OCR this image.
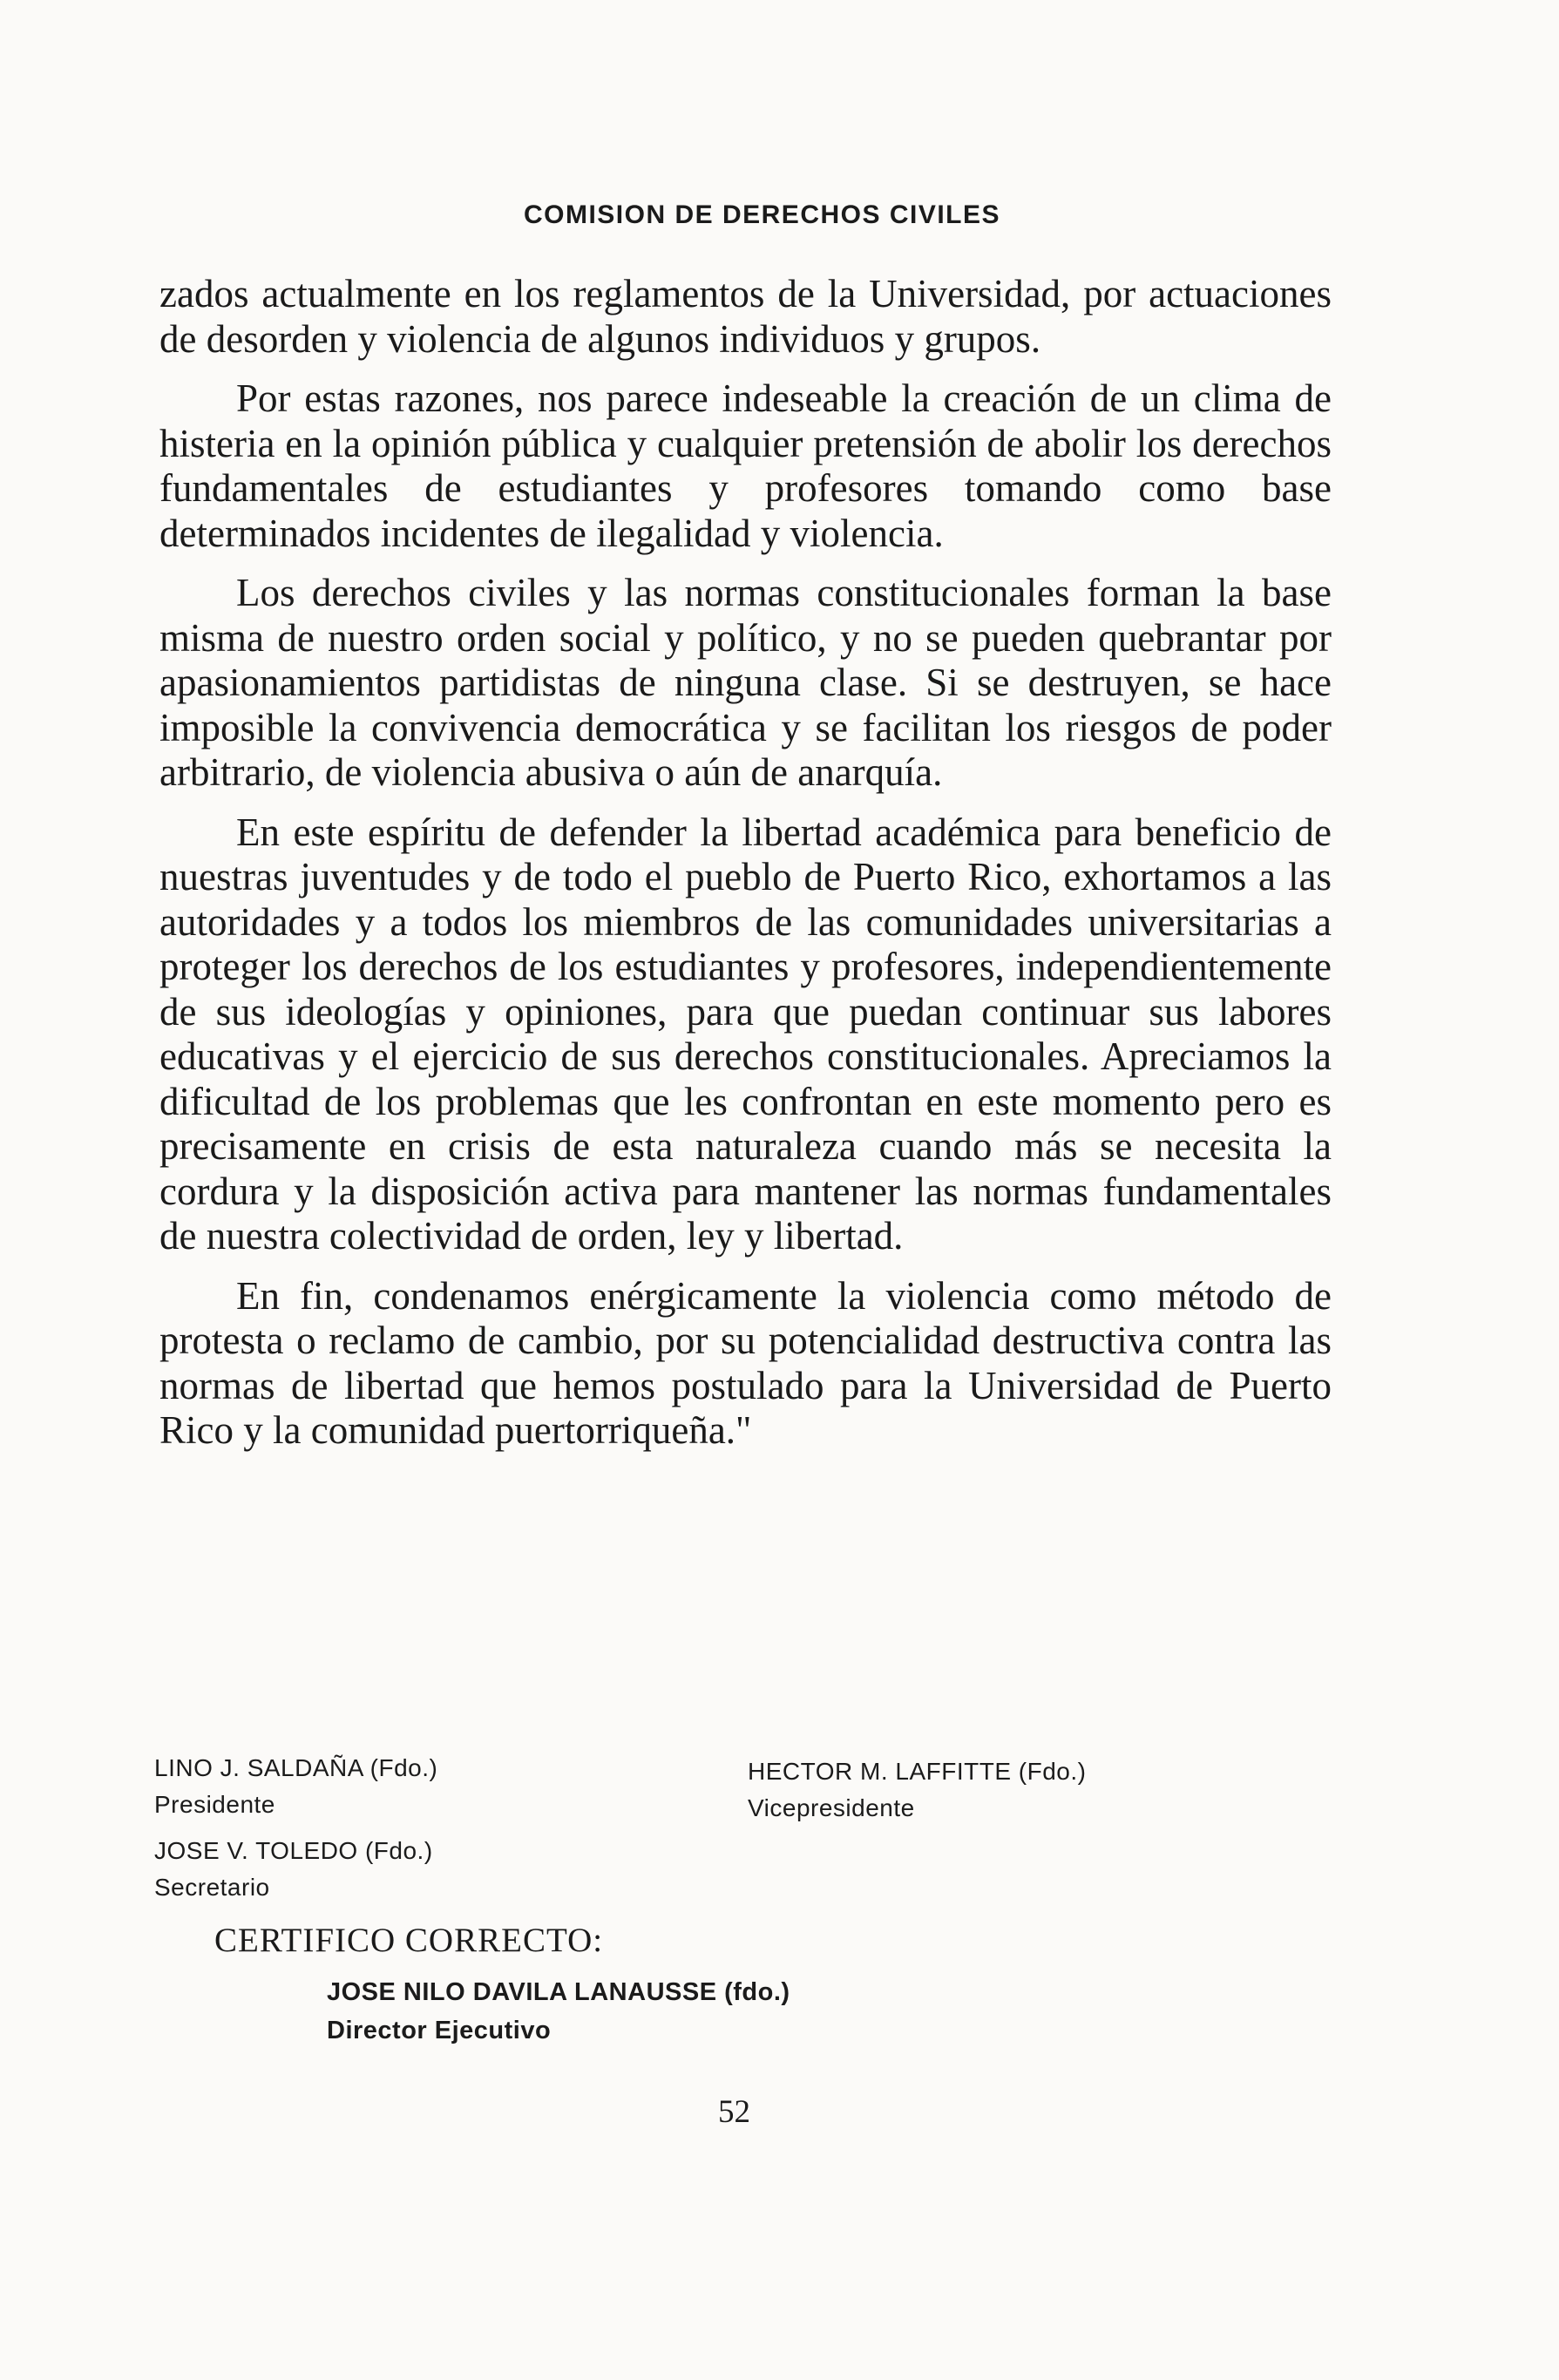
COMISION DE DERECHOS CIVILES

zados actualmente en los reglamentos de la Universidad, por actuaciones de desorden y violencia de algunos individuos y grupos.

Por estas razones, nos parece indeseable la creación de un clima de histeria en la opinión pública y cualquier pretensión de abolir los derechos fundamentales de estudiantes y profesores tomando como base determinados incidentes de ilegalidad y violencia.

Los derechos civiles y las normas constitucionales forman la base misma de nuestro orden social y político, y no se pueden quebrantar por apasionamientos partidistas de ninguna clase. Si se destruyen, se hace imposible la convivencia democrática y se facilitan los riesgos de poder arbitrario, de violencia abusiva o aún de anarquía.

En este espíritu de defender la libertad académica para beneficio de nuestras juventudes y de todo el pueblo de Puerto Rico, exhortamos a las autoridades y a todos los miembros de las comunidades universitarias a proteger los derechos de los estudiantes y profesores, independientemente de sus ideologías y opiniones, para que puedan continuar sus labores educativas y el ejercicio de sus derechos constitucionales. Apreciamos la dificultad de los problemas que les confrontan en este momento pero es precisamente en crisis de esta naturaleza cuando más se necesita la cordura y la disposición activa para mantener las normas fundamentales de nuestra colectividad de orden, ley y libertad.

En fin, condenamos enérgicamente la violencia como método de protesta o reclamo de cambio, por su potencialidad destructiva contra las normas de libertad que hemos postulado para la Universidad de Puerto Rico y la comunidad puertorriqueña."

LINO J. SALDAÑA (Fdo.)
Presidente
HECTOR M. LAFFITTE (Fdo.)
Vicepresidente
JOSE V. TOLEDO (Fdo.)
Secretario
CERTIFICO CORRECTO:
JOSE NILO DAVILA LANAUSSE (fdo.)
Director Ejecutivo
52
